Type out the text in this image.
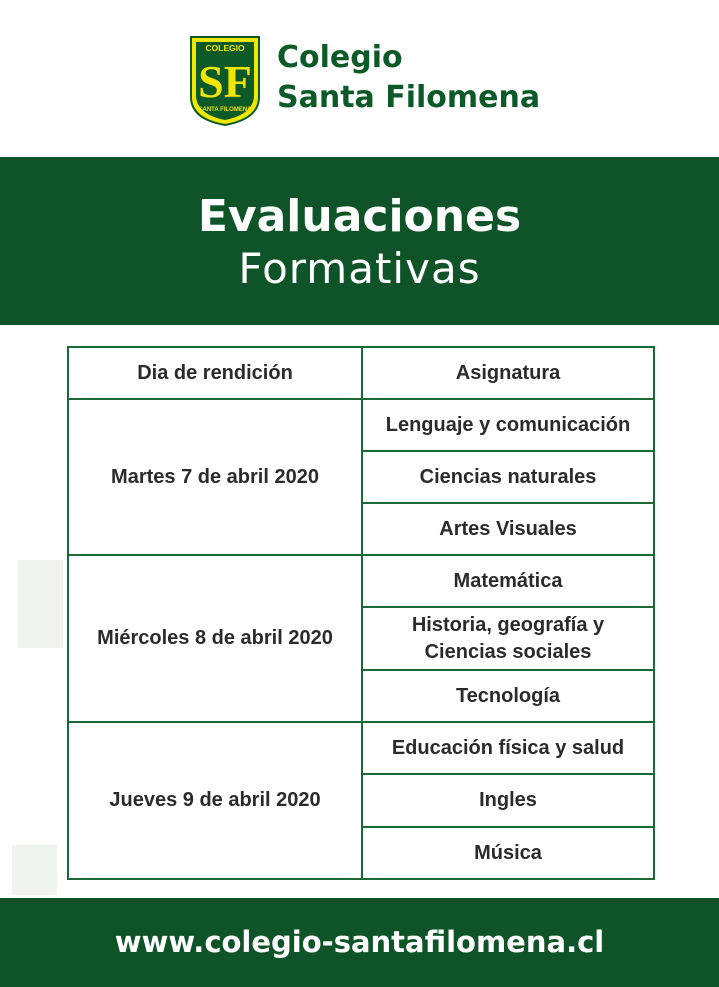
COLEGIO
SF
SANTA FILOMENA
Colegio
Santa Filomena
Evaluaciones
Formativas
Dia de rendición	Asignatura
Martes 7 de abril 2020	Lenguaje y comunicación
	Ciencias naturales
	Artes Visuales
Miércoles 8 de abril 2020	Matemática
	Historia, geografía y Ciencias sociales
	Tecnología
Jueves 9 de abril 2020	Educación física y salud
	Ingles
	Música
www.colegio-santafilomena.cl
